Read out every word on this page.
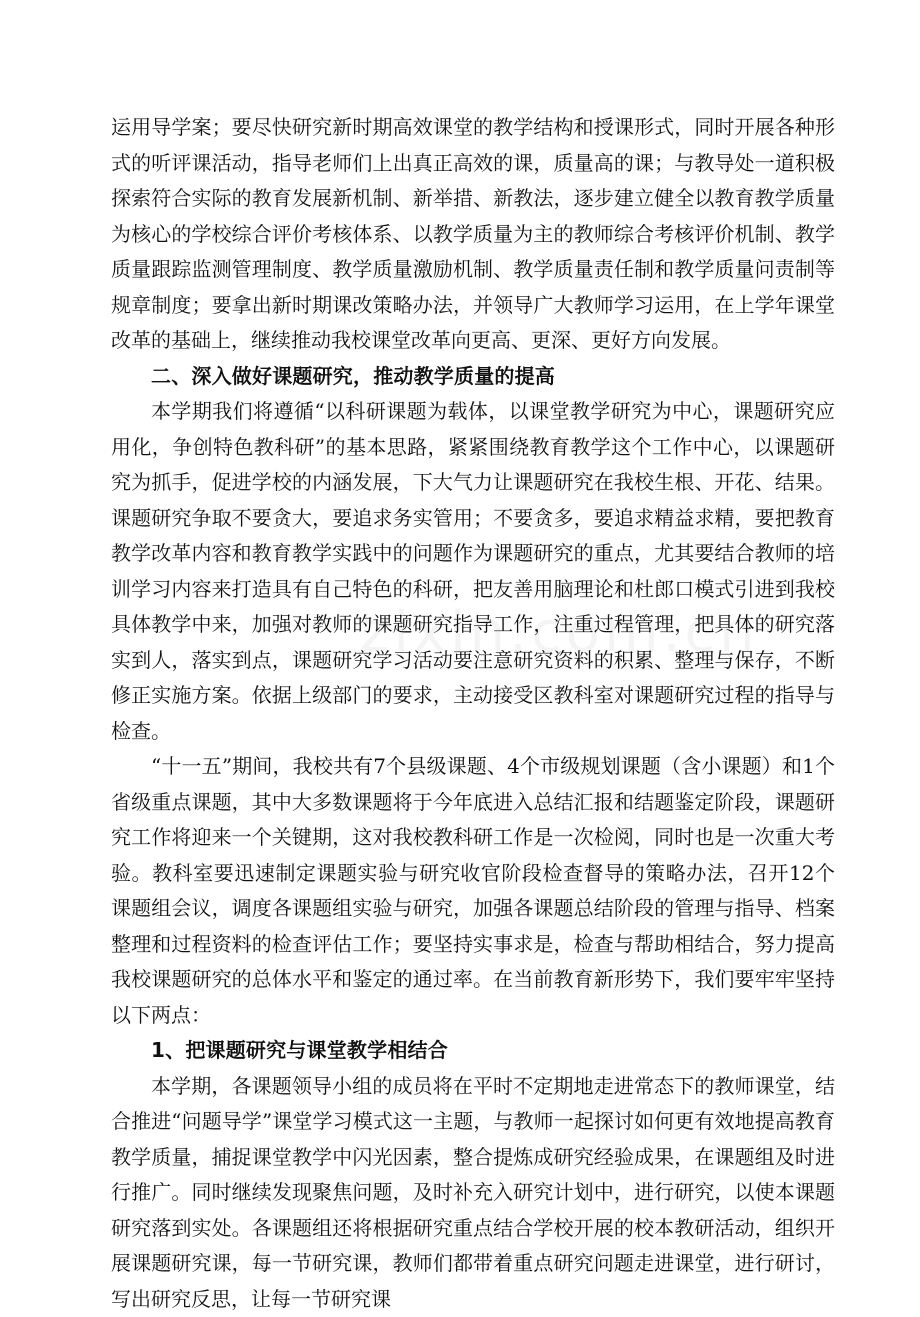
运用导学案；要尽快研究新时期高效课堂的教学结构和授课形式，同时开展各种形式的听评课活动，指导老师们上出真正高效的课，质量高的课；与教导处一道积极探索符合实际的教育发展新机制、新举措、新教法，逐步建立健全以教育教学质量为核心的学校综合评价考核体系、以教学质量为主的教师综合考核评价机制、教学质量跟踪监测管理制度、教学质量激励机制、教学质量责任制和教学质量问责制等规章制度；要拿出新时期课改策略办法，并领导广大教师学习运用，在上学年课堂改革的基础上，继续推动我校课堂改革向更高、更深、更好方向发展。

二、深入做好课题研究，推动教学质量的提高

本学期我们将遵循“以科研课题为载体，以课堂教学研究为中心，课题研究应用化，争创特色教科研”的基本思路，紧紧围绕教育教学这个工作中心，以课题研究为抓手，促进学校的内涵发展，下大气力让课题研究在我校生根、开花、结果。课题研究争取不要贪大，要追求务实管用；不要贪多，要追求精益求精，要把教育教学改革内容和教育教学实践中的问题作为课题研究的重点，尤其要结合教师的培训学习内容来打造具有自己特色的科研，把友善用脑理论和杜郎口模式引进到我校具体教学中来，加强对教师的课题研究指导工作，注重过程管理，把具体的研究落实到人，落实到点，课题研究学习活动要注意研究资料的积累、整理与保存，不断修正实施方案。依据上级部门的要求，主动接受区教科室对课题研究过程的指导与检查。

“十一五”期间，我校共有7个县级课题、4个市级规划课题（含小课题）和1个省级重点课题，其中大多数课题将于今年底进入总结汇报和结题鉴定阶段，课题研究工作将迎来一个关键期，这对我校教科研工作是一次检阅，同时也是一次重大考验。教科室要迅速制定课题实验与研究收官阶段检查督导的策略办法，召开12个课题组会议，调度各课题组实验与研究，加强各课题总结阶段的管理与指导、档案整理和过程资料的检查评估工作；要坚持实事求是，检查与帮助相结合，努力提高我校课题研究的总体水平和鉴定的通过率。在当前教育新形势下，我们要牢牢坚持以下两点：

1、把课题研究与课堂教学相结合

本学期，各课题领导小组的成员将在平时不定期地走进常态下的教师课堂，结合推进“问题导学”课堂学习模式这一主题，与教师一起探讨如何更有效地提高教育教学质量，捕捉课堂教学中闪光因素，整合提炼成研究经验成果，在课题组及时进行推广。同时继续发现聚焦问题，及时补充入研究计划中，进行研究，以使本课题研究落到实处。各课题组还将根据研究重点结合学校开展的校本教研活动，组织开展课题研究课，每一节研究课，教师们都带着重点研究问题走进课堂，进行研讨，写出研究反思，让每一节研究课
